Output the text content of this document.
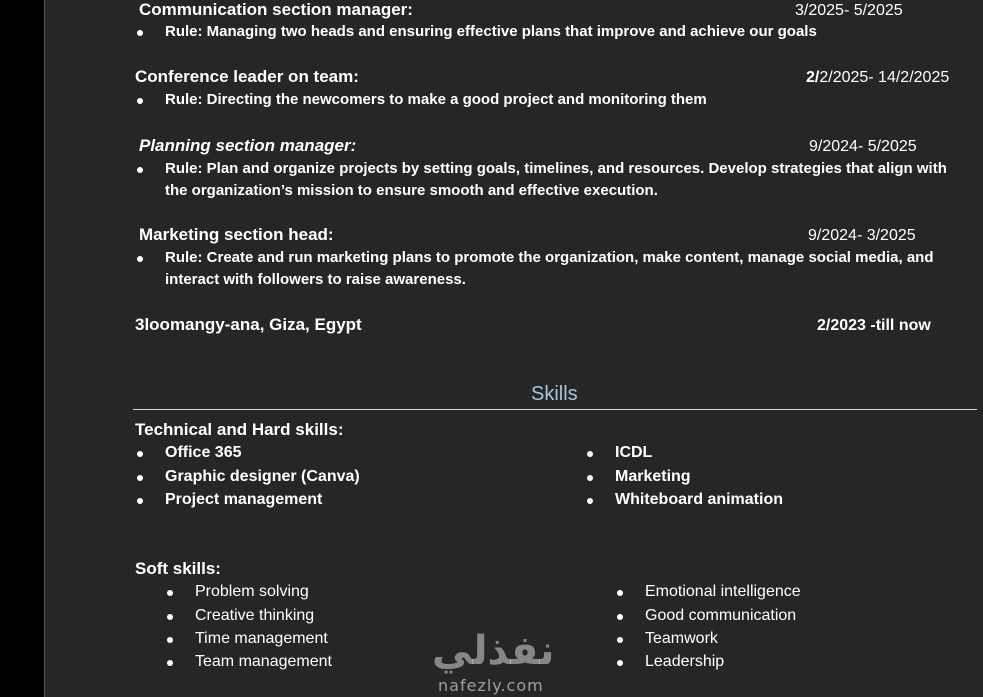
Communication section manager:	3/2025- 5/2025
Rule: Managing two heads and ensuring effective plans that improve and achieve our goals
Conference leader on team:	2/2/2025- 14/2/2025
Rule: Directing the newcomers to make a good project and monitoring them
Planning section manager:	9/2024- 5/2025
Rule: Plan and organize projects by setting goals, timelines, and resources. Develop strategies that align with
the organization’s mission to ensure smooth and effective execution.
Marketing section head:	9/2024- 3/2025
Rule: Create and run marketing plans to promote the organization, make content, manage social media, and
interact with followers to raise awareness.
3loomangy-ana, Giza, Egypt	2/2023 -till now
Skills
Technical and Hard skills:
Office 365
Graphic designer (Canva)
Project management
ICDL
Marketing
Whiteboard animation
Soft skills:
Problem solving
Creative thinking
Time management
Team management
Emotional intelligence
Good communication
Teamwork
Leadership
نفذلي
nafezly.com
